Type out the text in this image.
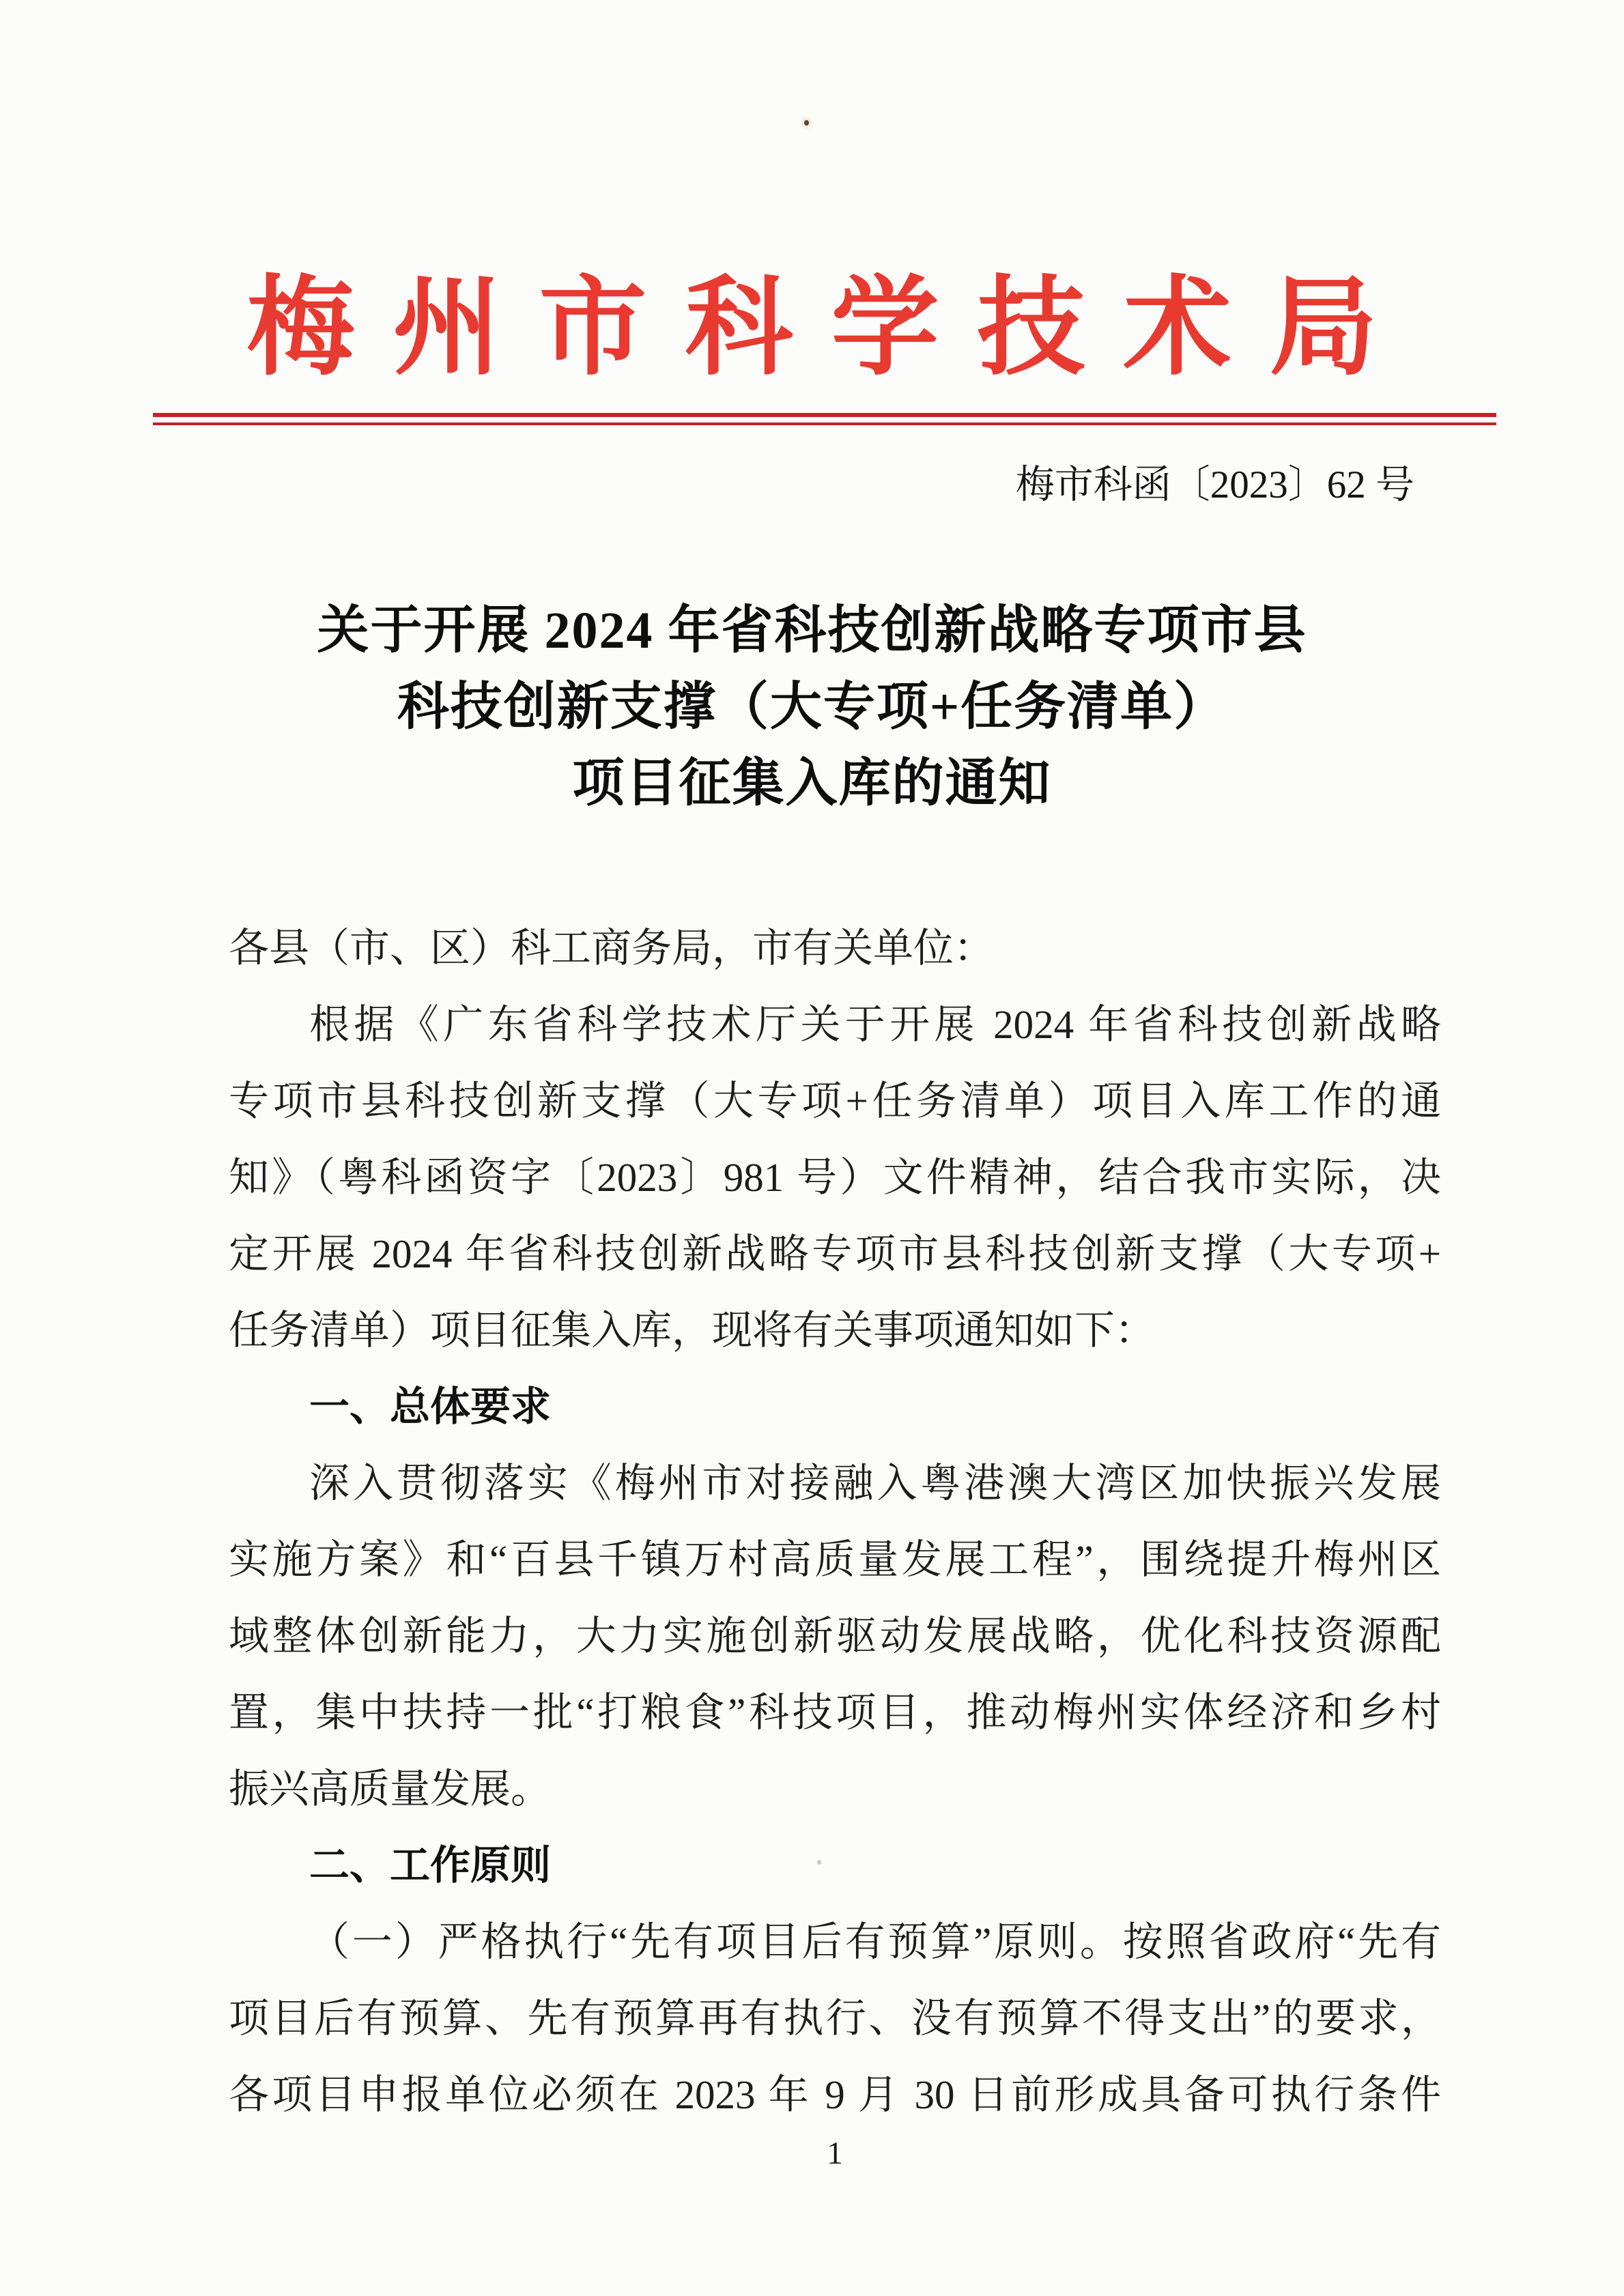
梅州市科学技术局
梅市科函〔2023〕62 号
关于开展 2024 年省科技创新战略专项市县
科技创新支撑（大专项+任务清单）
项目征集入库的通知
各县（市、区）科工商务局，市有关单位：
根据《广东省科学技术厅关于开展 2024 年省科技创新战略
专项市县科技创新支撑（大专项+任务清单）项目入库工作的通
知》（粤科函资字〔2023〕981 号）文件精神，结合我市实际，决
定开展 2024 年省科技创新战略专项市县科技创新支撑（大专项+
任务清单）项目征集入库，现将有关事项通知如下：
一、总体要求
深入贯彻落实《梅州市对接融入粤港澳大湾区加快振兴发展
实施方案》和“百县千镇万村高质量发展工程”，围绕提升梅州区
域整体创新能力，大力实施创新驱动发展战略，优化科技资源配
置，集中扶持一批“打粮食”科技项目，推动梅州实体经济和乡村
振兴高质量发展。
二、工作原则
（一）严格执行“先有项目后有预算”原则。按照省政府“先有
项目后有预算、先有预算再有执行、没有预算不得支出”的要求，
各项目申报单位必须在 2023 年 9 月 30 日前形成具备可执行条件
1
